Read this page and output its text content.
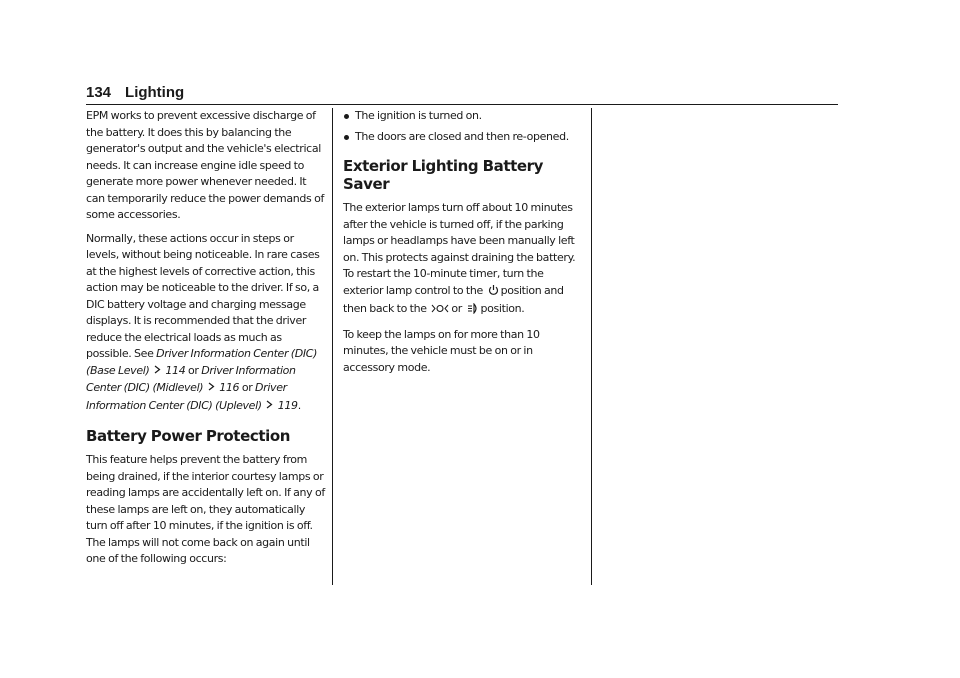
134 Lighting

EPM works to prevent excessive discharge of the battery. It does this by balancing the generator's output and the vehicle's electrical needs. It can increase engine idle speed to generate more power whenever needed. It can temporarily reduce the power demands of some accessories.

Normally, these actions occur in steps or levels, without being noticeable. In rare cases at the highest levels of corrective action, this action may be noticeable to the driver. If so, a DIC battery voltage and charging message displays. It is recommended that the driver reduce the electrical loads as much as possible. See Driver Information Center (DIC) (Base Level) 114 or Driver Information Center (DIC) (Midlevel) 116 or Driver Information Center (DIC) (Uplevel) 119.

Battery Power Protection

This feature helps prevent the battery from being drained, if the interior courtesy lamps or reading lamps are accidentally left on. If any of these lamps are left on, they automatically turn off after 10 minutes, if the ignition is off. The lamps will not come back on again until one of the following occurs:

The ignition is turned on.
The doors are closed and then re-opened.
Exterior Lighting Battery Saver

The exterior lamps turn off about 10 minutes after the vehicle is turned off, if the parking lamps or headlamps have been manually left on. This protects against draining the battery. To restart the 10-minute timer, turn the exterior lamp control to the position and then back to the or position.

To keep the lamps on for more than 10 minutes, the vehicle must be on or in accessory mode.
